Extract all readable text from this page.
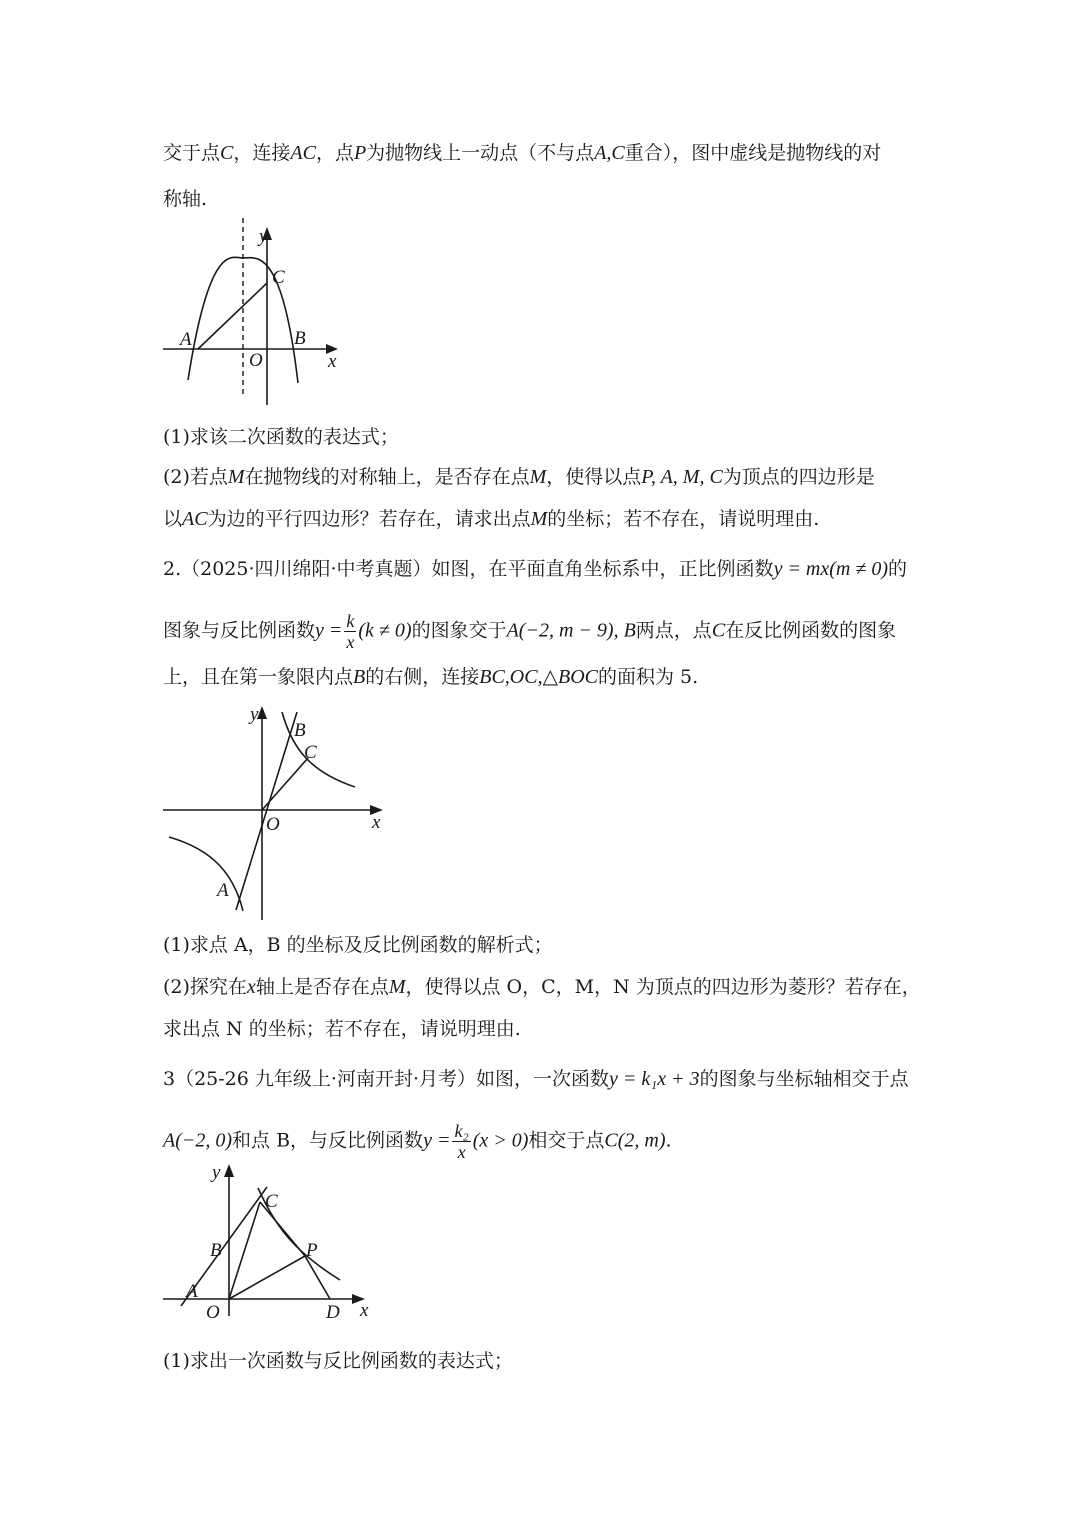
交于点C，连接AC，点P为抛物线上一动点（不与点A,C重合），图中虚线是抛物线的对
称轴.
y
x
O
A	B
C
(1)求该二次函数的表达式；
(2)若点M在抛物线的对称轴上，是否存在点M，使得以点P, A, M, C为顶点的四边形是
以AC为边的平行四边形？若存在，请求出点M的坐标；若不存在，请说明理由.
2.（2025·四川绵阳·中考真题）如图，在平面直角坐标系中，正比例函数y = mx(m ≠ 0)的
图象与反比例函数$y = \frac{k}{x} (k \ne 0)$的图象交于A(−2, m − 9), B两点，点C在反比例函数的图象
上，且在第一象限内点B的右侧，连接BC,OC,△BOC的面积为 5.
y
x
O
A
B
C
(1)求点 A，B 的坐标及反比例函数的解析式；
(2)探究在x轴上是否存在点M，使得以点 O，C，M，N 为顶点的四边形为菱形？若存在，
求出点 N 的坐标；若不存在，请说明理由.
3（25-26 九年级上·河南开封·月考）如图，一次函数y = k₁x + 3的图象与坐标轴相交于点
A(−2, 0)和点 B，与反比例函数$y = \frac{\text{k₂}}{x} (x > 0)$相交于点C(2, m).
y
x
O
A
B
C
P
D
(1)求出一次函数与反比例函数的表达式；
